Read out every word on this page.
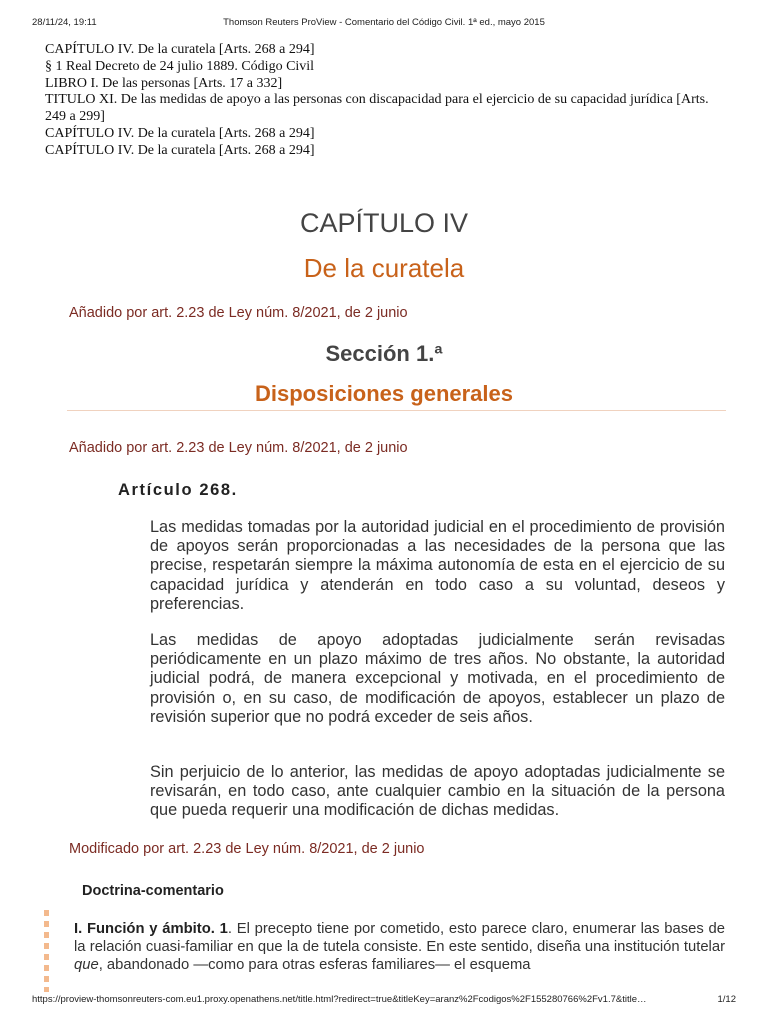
28/11/24, 19:11	Thomson Reuters ProView - Comentario del Código Civil. 1ª ed., mayo 2015
CAPÍTULO IV. De la curatela [Arts. 268 a 294]
§ 1 Real Decreto de 24 julio 1889. Código Civil
LIBRO I. De las personas [Arts. 17 a 332]
TITULO XI. De las medidas de apoyo a las personas con discapacidad para el ejercicio de su capacidad jurídica [Arts. 249 a 299]
CAPÍTULO IV. De la curatela [Arts. 268 a 294]
CAPÍTULO IV. De la curatela [Arts. 268 a 294]
CAPÍTULO IV
De la curatela
Añadido por art. 2.23 de Ley núm. 8/2021, de 2 junio
Sección 1.ª
Disposiciones generales
Añadido por art. 2.23 de Ley núm. 8/2021, de 2 junio
Artículo 268.

Las medidas tomadas por la autoridad judicial en el procedimiento de provisión de apoyos serán proporcionadas a las necesidades de la persona que las precise, respetarán siempre la máxima autonomía de esta en el ejercicio de su capacidad jurídica y atenderán en todo caso a su voluntad, deseos y preferencias.

Las medidas de apoyo adoptadas judicialmente serán revisadas periódicamente en un plazo máximo de tres años. No obstante, la autoridad judicial podrá, de manera excepcional y motivada, en el procedimiento de provisión o, en su caso, de modificación de apoyos, establecer un plazo de revisión superior que no podrá exceder de seis años.

Sin perjuicio de lo anterior, las medidas de apoyo adoptadas judicialmente se revisarán, en todo caso, ante cualquier cambio en la situación de la persona que pueda requerir una modificación de dichas medidas.

Modificado por art. 2.23 de Ley núm. 8/2021, de 2 junio
Doctrina-comentario

I. Función y ámbito. 1. El precepto tiene por cometido, esto parece claro, enumerar las bases de la relación cuasi-familiar en que la de tutela consiste. En este sentido, diseña una institución tutelar que, abandonado —como para otras esferas familiares— el esquema

https://proview-thomsonreuters-com.eu1.proxy.openathens.net/title.html?redirect=true&titleKey=aranz%2Fcodigos%2F155280766%2Fv1.7&title…	1/12
